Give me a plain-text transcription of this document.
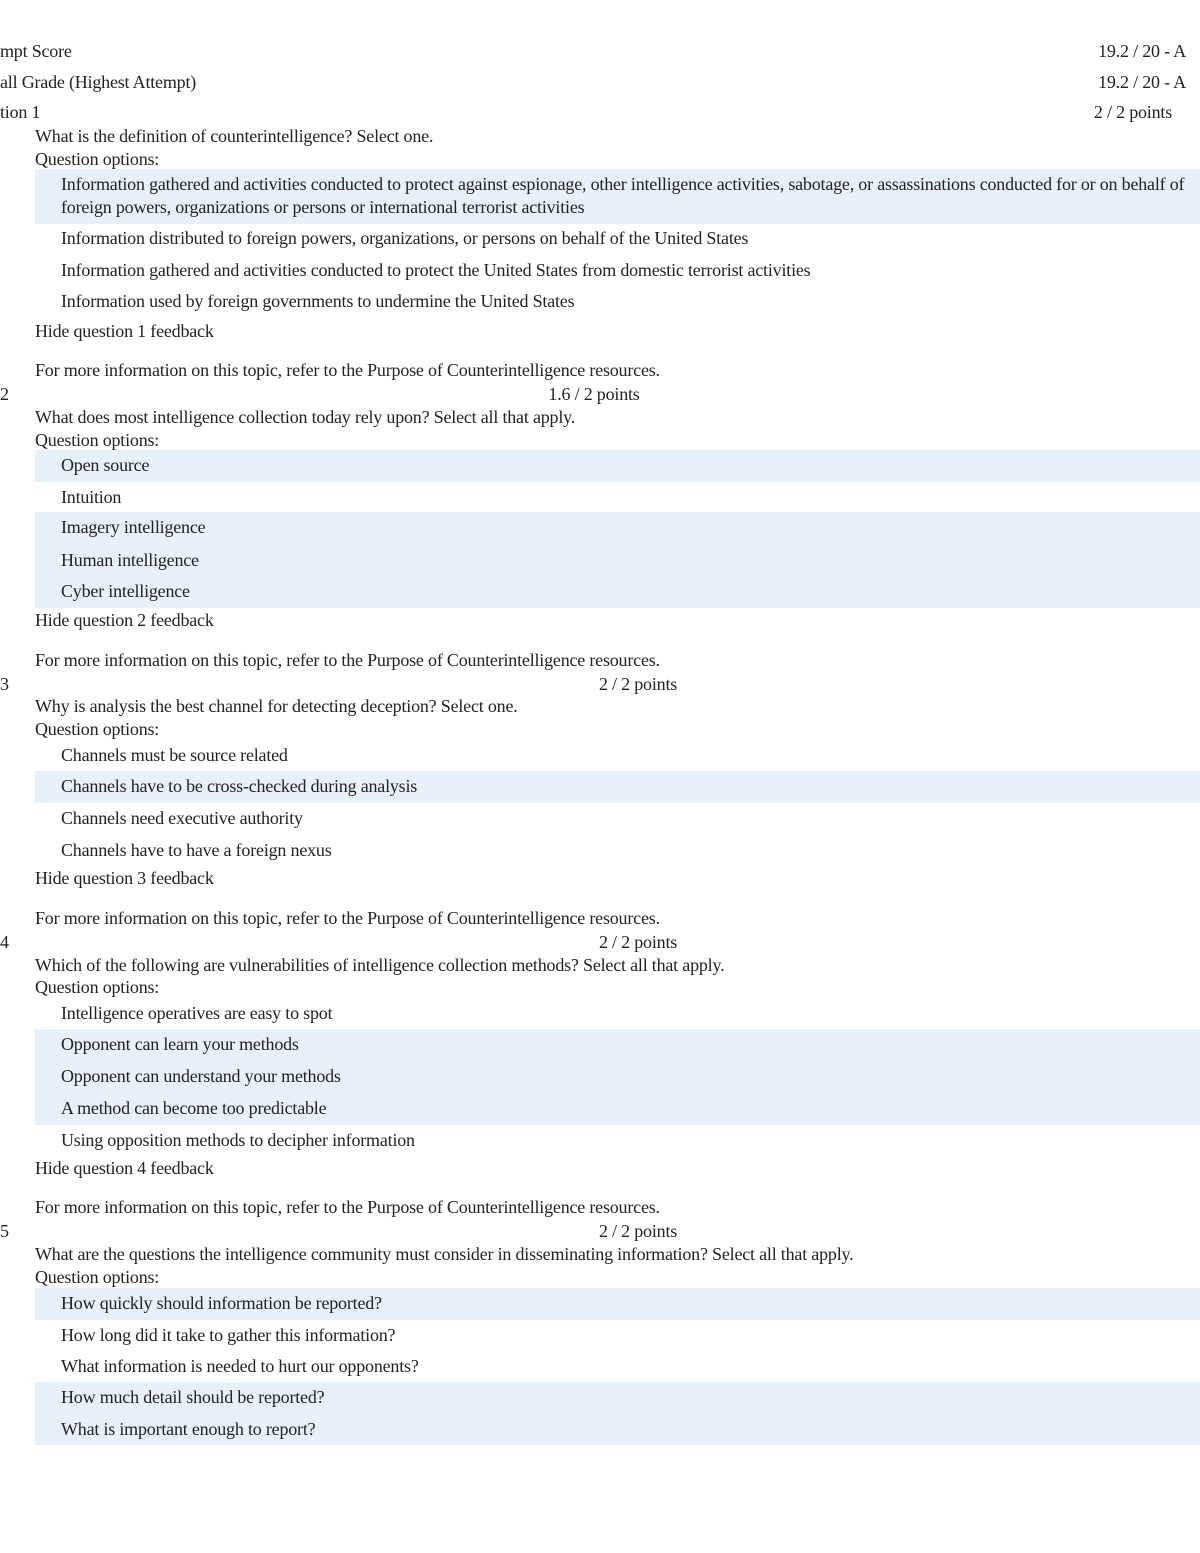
mpt Score	19.2 / 20 - A
all Grade (Highest Attempt)	19.2 / 20 - A
tion 1	2 / 2 points
What is the definition of counterintelligence? Select one.
Question options:
Information gathered and activities conducted to protect against espionage, other intelligence activities, sabotage, or assassinations conducted for or on behalf of foreign powers, organizations or persons or international terrorist activities
Information distributed to foreign powers, organizations, or persons on behalf of the United States
Information gathered and activities conducted to protect the United States from domestic terrorist activities
Information used by foreign governments to undermine the United States
Hide question 1 feedback
For more information on this topic, refer to the Purpose of Counterintelligence resources.
2	1.6 / 2 points
What does most intelligence collection today rely upon? Select all that apply.
Question options:
Open source
Intuition
Imagery intelligence
Human intelligence
Cyber intelligence
Hide question 2 feedback
For more information on this topic, refer to the Purpose of Counterintelligence resources.
3	2 / 2 points
Why is analysis the best channel for detecting deception? Select one.
Question options:
Channels must be source related
Channels have to be cross-checked during analysis
Channels need executive authority
Channels have to have a foreign nexus
Hide question 3 feedback
For more information on this topic, refer to the Purpose of Counterintelligence resources.
4	2 / 2 points
Which of the following are vulnerabilities of intelligence collection methods? Select all that apply.
Question options:
Intelligence operatives are easy to spot
Opponent can learn your methods
Opponent can understand your methods
A method can become too predictable
Using opposition methods to decipher information
Hide question 4 feedback
For more information on this topic, refer to the Purpose of Counterintelligence resources.
5	2 / 2 points
What are the questions the intelligence community must consider in disseminating information? Select all that apply.
Question options:
How quickly should information be reported?
How long did it take to gather this information?
What information is needed to hurt our opponents?
How much detail should be reported?
What is important enough to report?
